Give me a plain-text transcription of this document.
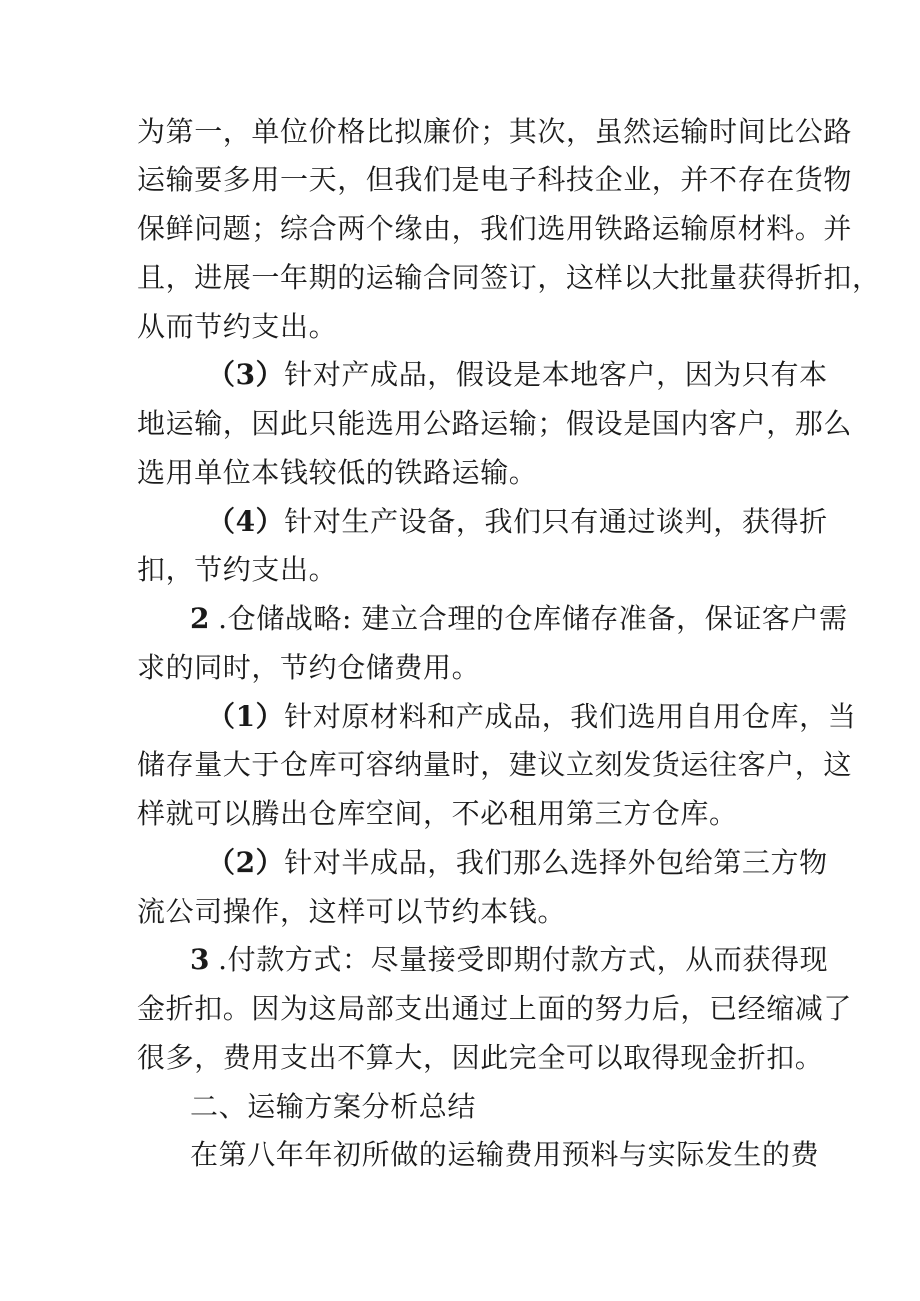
为第一，单位价格比拟廉价；其次，虽然运输时间比公路
运输要多用一天，但我们是电子科技企业，并不存在货物
保鲜问题；综合两个缘由，我们选用铁路运输原材料。并
且，进展一年期的运输合同签订，这样以大批量获得折扣，
从而节约支出。
（3）针对产成品，假设是本地客户，因为只有本
地运输，因此只能选用公路运输；假设是国内客户，那么
选用单位本钱较低的铁路运输。
（4）针对生产设备，我们只有通过谈判，获得折
扣，节约支出。
2 .仓储战略: 建立合理的仓库储存准备，保证客户需
求的同时，节约仓储费用。
（1）针对原材料和产成品，我们选用自用仓库，当
储存量大于仓库可容纳量时，建议立刻发货运往客户，这
样就可以腾出仓库空间，不必租用第三方仓库。
（2）针对半成品，我们那么选择外包给第三方物
流公司操作，这样可以节约本钱。
3 .付款方式：尽量接受即期付款方式，从而获得现
金折扣。因为这局部支出通过上面的努力后，已经缩减了
很多，费用支出不算大，因此完全可以取得现金折扣。
二、运输方案分析总结
在第八年年初所做的运输费用预料与实际发生的费
